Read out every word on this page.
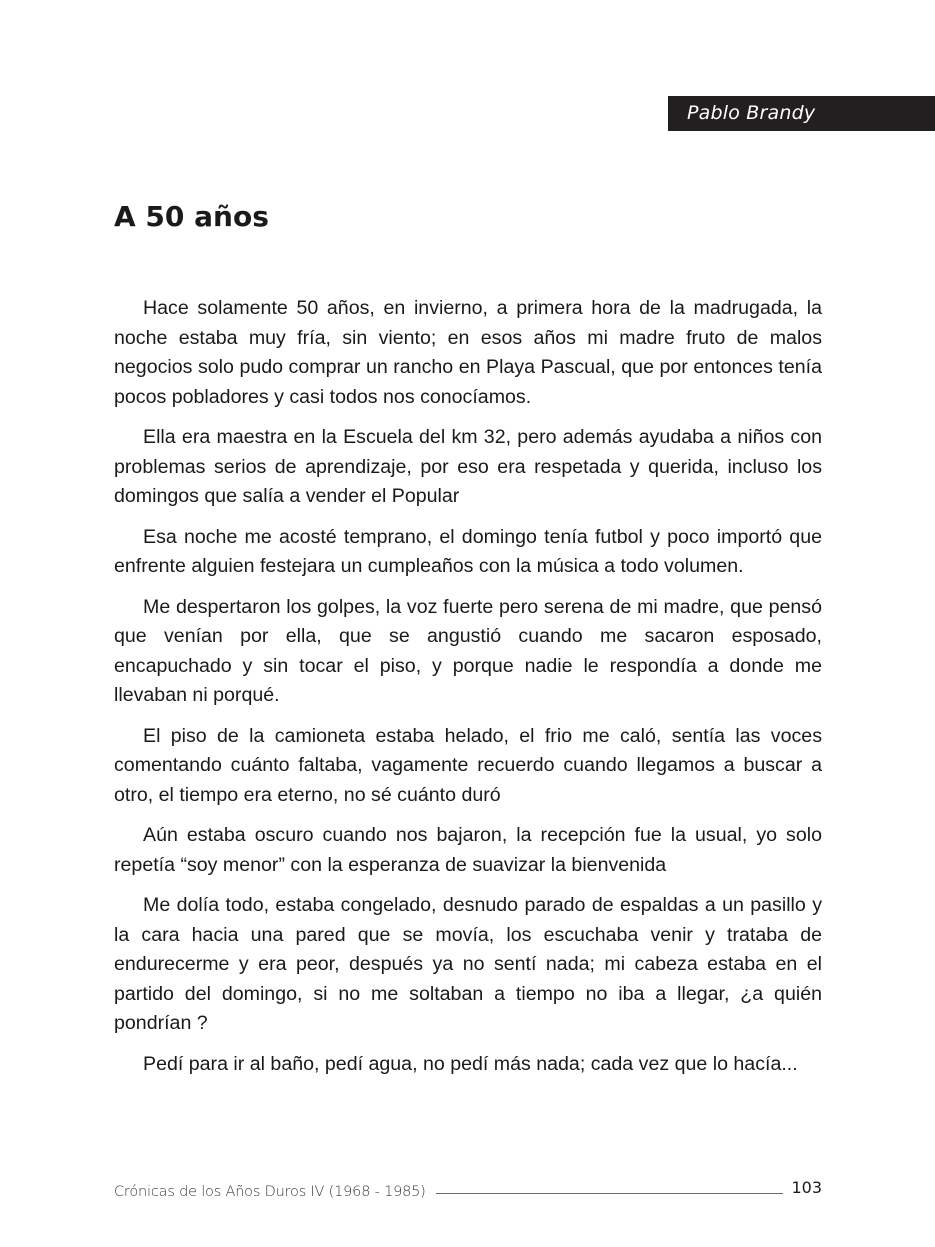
Pablo Brandy
A 50 años

Hace solamente 50 años, en invierno, a primera hora de la madrugada, la noche estaba muy fría, sin viento; en esos años mi madre fruto de malos negocios solo pudo comprar un rancho en Playa Pascual, que por entonces tenía pocos pobladores y casi todos nos conocíamos.

Ella era maestra en la Escuela del km 32, pero además ayudaba a niños con problemas serios de aprendizaje, por eso era respetada y querida, incluso los domingos que salía a vender el Popular

Esa noche me acosté temprano, el domingo tenía futbol y poco importó que enfrente alguien festejara un cumpleaños con la música a todo volumen.

Me despertaron los golpes, la voz fuerte pero serena de mi madre, que pensó que venían por ella, que se angustió cuando me sacaron esposado, encapuchado y sin tocar el piso, y porque nadie le respondía a donde me llevaban ni porqué.

El piso de la camioneta estaba helado, el frio me caló, sentía las voces comentando cuánto faltaba, vagamente recuerdo cuando llegamos a buscar a otro, el tiempo era eterno, no sé cuánto duró

Aún estaba oscuro cuando nos bajaron, la recepción fue la usual, yo solo repetía “soy menor” con la esperanza de suavizar la bienvenida

Me dolía todo, estaba congelado, desnudo parado de espaldas a un pasillo y la cara hacia una pared que se movía, los escuchaba venir y trataba de endurecerme y era peor, después ya no sentí nada; mi cabeza estaba en el partido del domingo, si no me soltaban a tiempo no iba a llegar, ¿a quién pondrían ?

Pedí para ir al baño, pedí agua, no pedí más nada; cada vez que lo hacía...

Crónicas de los Años Duros IV (1968 - 1985)	103
